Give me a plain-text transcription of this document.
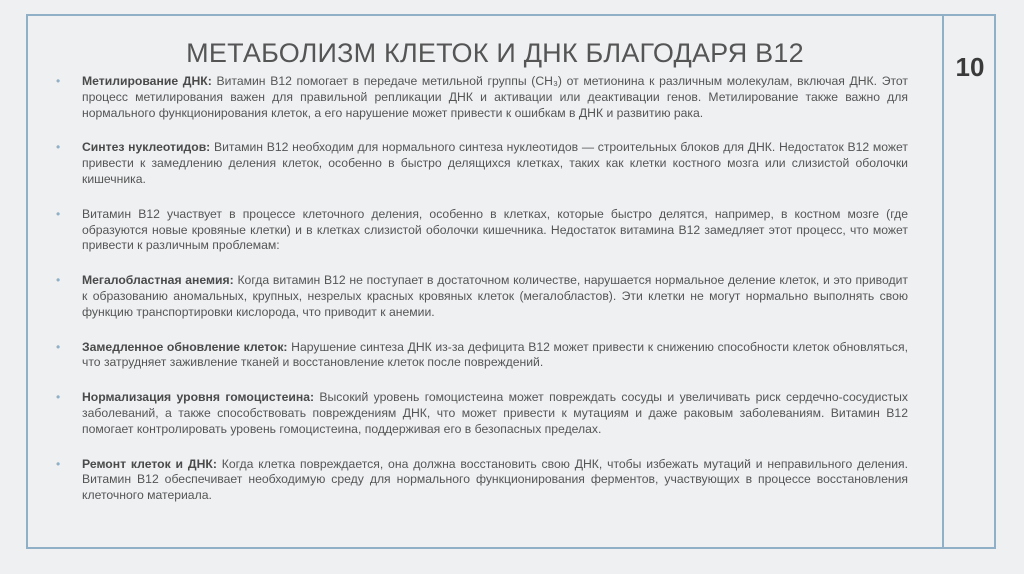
МЕТАБОЛИЗМ КЛЕТОК И ДНК БЛАГОДАРЯ В12	10

• Метилирование ДНК: Витамин B12 помогает в передаче метильной группы (CH₃) от метионина к различным молекулам, включая ДНК. Этот процесс метилирования важен для правильной репликации ДНК и активации или деактивации генов. Метилирование также важно для нормального функционирования клеток, а его нарушение может привести к ошибкам в ДНК и развитию рака.

• Синтез нуклеотидов: Витамин B12 необходим для нормального синтеза нуклеотидов — строительных блоков для ДНК. Недостаток B12 может привести к замедлению деления клеток, особенно в быстро делящихся клетках, таких как клетки костного мозга или слизистой оболочки кишечника.

• Витамин B12 участвует в процессе клеточного деления, особенно в клетках, которые быстро делятся, например, в костном мозге (где образуются новые кровяные клетки) и в клетках слизистой оболочки кишечника. Недостаток витамина B12 замедляет этот процесс, что может привести к различным проблемам:

• Мегалобластная анемия: Когда витамин B12 не поступает в достаточном количестве, нарушается нормальное деление клеток, и это приводит к образованию аномальных, крупных, незрелых красных кровяных клеток (мегалобластов). Эти клетки не могут нормально выполнять свою функцию транспортировки кислорода, что приводит к анемии.

• Замедленное обновление клеток: Нарушение синтеза ДНК из-за дефицита B12 может привести к снижению способности клеток обновляться, что затрудняет заживление тканей и восстановление клеток после повреждений.

• Нормализация уровня гомоцистеина: Высокий уровень гомоцистеина может повреждать сосуды и увеличивать риск сердечно-сосудистых заболеваний, а также способствовать повреждениям ДНК, что может привести к мутациям и даже раковым заболеваниям. Витамин B12 помогает контролировать уровень гомоцистеина, поддерживая его в безопасных пределах.

• Ремонт клеток и ДНК: Когда клетка повреждается, она должна восстановить свою ДНК, чтобы избежать мутаций и неправильного деления. Витамин B12 обеспечивает необходимую среду для нормального функционирования ферментов, участвующих в процессе восстановления клеточного материала.
